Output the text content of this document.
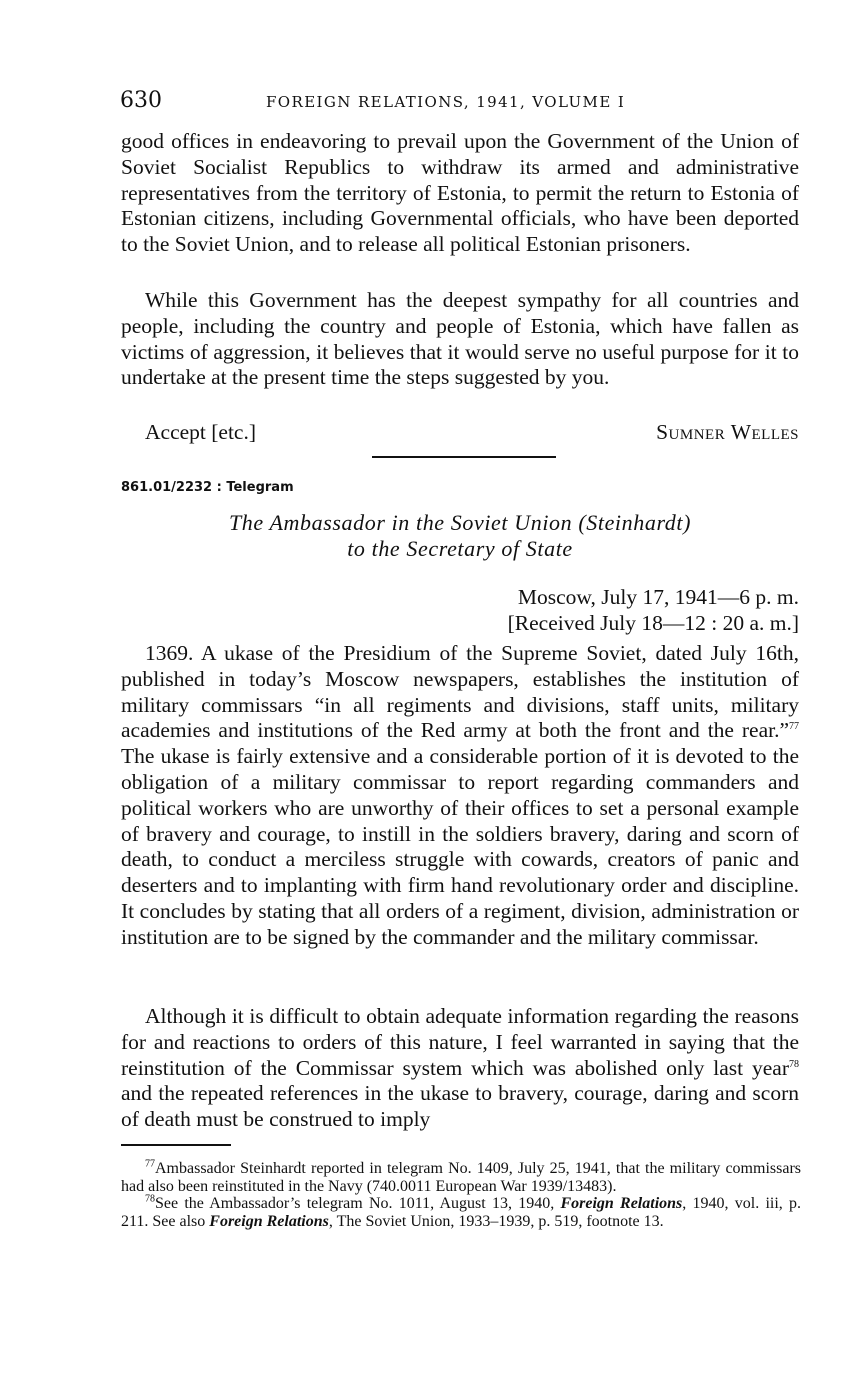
630	FOREIGN RELATIONS, 1941, VOLUME I

good offices in endeavoring to prevail upon the Government of the Union of Soviet Socialist Republics to withdraw its armed and administrative representatives from the territory of Estonia, to permit the return to Estonia of Estonian citizens, including Governmental officials, who have been deported to the Soviet Union, and to release all political Estonian prisoners.

While this Government has the deepest sympathy for all countries and people, including the country and people of Estonia, which have fallen as victims of aggression, it believes that it would serve no useful purpose for it to undertake at the present time the steps suggested by you.

Accept [etc.]	Sumner Welles
861.01/2232 : Telegram
The Ambassador in the Soviet Union (Steinhardt)
to the Secretary of State
Moscow, July 17, 1941—6 p. m.
[Received July 18—12 : 20 a. m.]

1369. A ukase of the Presidium of the Supreme Soviet, dated July 16th, published in today’s Moscow newspapers, establishes the institution of military commissars “in all regiments and divisions, staff units, military academies and institutions of the Red army at both the front and the rear.”$^{77}$ The ukase is fairly extensive and a considerable portion of it is devoted to the obligation of a military commissar to report regarding commanders and political workers who are unworthy of their offices to set a personal example of bravery and courage, to instill in the soldiers bravery, daring and scorn of death, to conduct a merciless struggle with cowards, creators of panic and deserters and to implanting with firm hand revolutionary order and discipline. It concludes by stating that all orders of a regiment, division, administration or institution are to be signed by the commander and the military commissar.

Although it is difficult to obtain adequate information regarding the reasons for and reactions to orders of this nature, I feel warranted in saying that the reinstitution of the Commissar system which was abolished only last year$^{78}$ and the repeated references in the ukase to bravery, courage, daring and scorn of death must be construed to imply

$^{77}$Ambassador Steinhardt reported in telegram No. 1409, July 25, 1941, that the military commissars had also been reinstituted in the Navy (740.0011 European War 1939/13483).

$^{78}$See the Ambassador’s telegram No. 1011, August 13, 1940, Foreign Relations, 1940, vol. iii, p. 211. See also Foreign Relations, The Soviet Union, 1933–1939, p. 519, footnote 13.
